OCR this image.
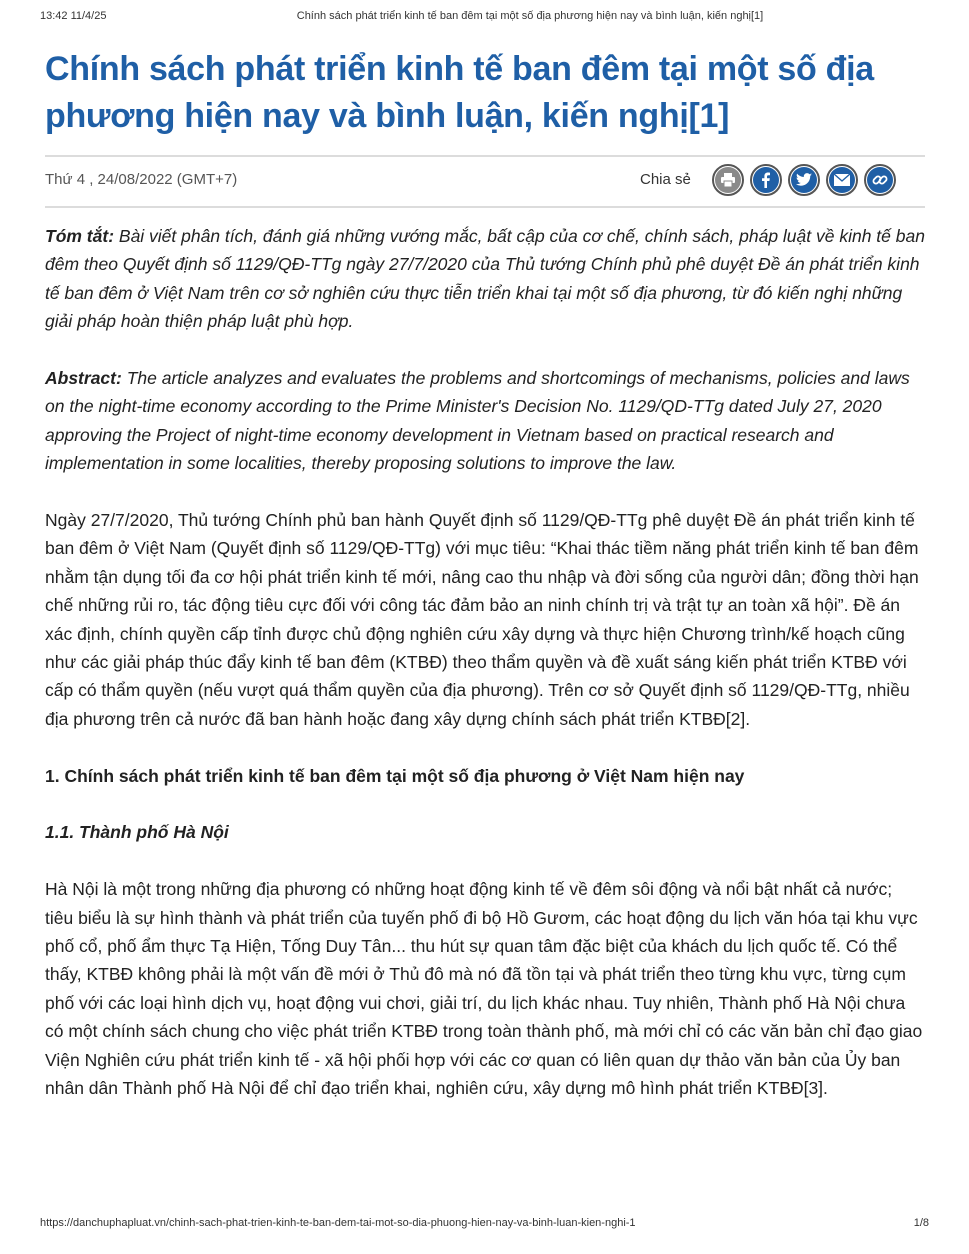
13:42 11/4/25	Chính sách phát triển kinh tế ban đêm tại một số địa phương hiện nay và bình luận, kiến nghị[1]
Chính sách phát triển kinh tế ban đêm tại một số địa phương hiện nay và bình luận, kiến nghị[1]
Thứ 4 , 24/08/2022 (GMT+7)	Chia sẻ

Tóm tắt: Bài viết phân tích, đánh giá những vướng mắc, bất cập của cơ chế, chính sách, pháp luật về kinh tế ban đêm theo Quyết định số 1129/QĐ-TTg ngày 27/7/2020 của Thủ tướng Chính phủ phê duyệt Đề án phát triển kinh tế ban đêm ở Việt Nam trên cơ sở nghiên cứu thực tiễn triển khai tại một số địa phương, từ đó kiến nghị những giải pháp hoàn thiện pháp luật phù hợp.

Abstract: The article analyzes and evaluates the problems and shortcomings of mechanisms, policies and laws on the night-time economy according to the Prime Minister's Decision No. 1129/QD-TTg dated July 27, 2020 approving the Project of night-time economy development in Vietnam based on practical research and implementation in some localities, thereby proposing solutions to improve the law.

Ngày 27/7/2020, Thủ tướng Chính phủ ban hành Quyết định số 1129/QĐ-TTg phê duyệt Đề án phát triển kinh tế ban đêm ở Việt Nam (Quyết định số 1129/QĐ-TTg) với mục tiêu: “Khai thác tiềm năng phát triển kinh tế ban đêm nhằm tận dụng tối đa cơ hội phát triển kinh tế mới, nâng cao thu nhập và đời sống của người dân; đồng thời hạn chế những rủi ro, tác động tiêu cực đối với công tác đảm bảo an ninh chính trị và trật tự an toàn xã hội”. Đề án xác định, chính quyền cấp tỉnh được chủ động nghiên cứu xây dựng và thực hiện Chương trình/kế hoạch cũng như các giải pháp thúc đẩy kinh tế ban đêm (KTBĐ) theo thẩm quyền và đề xuất sáng kiến phát triển KTBĐ với cấp có thẩm quyền (nếu vượt quá thẩm quyền của địa phương). Trên cơ sở Quyết định số 1129/QĐ-TTg, nhiều địa phương trên cả nước đã ban hành hoặc đang xây dựng chính sách phát triển KTBĐ[2].

1. Chính sách phát triển kinh tế ban đêm tại một số địa phương ở Việt Nam hiện nay

1.1. Thành phố Hà Nội

Hà Nội là một trong những địa phương có những hoạt động kinh tế về đêm sôi động và nổi bật nhất cả nước; tiêu biểu là sự hình thành và phát triển của tuyến phố đi bộ Hồ Gươm, các hoạt động du lịch văn hóa tại khu vực phố cổ, phố ẩm thực Tạ Hiện, Tống Duy Tân... thu hút sự quan tâm đặc biệt của khách du lịch quốc tế. Có thể thấy, KTBĐ không phải là một vấn đề mới ở Thủ đô mà nó đã tồn tại và phát triển theo từng khu vực, từng cụm phố với các loại hình dịch vụ, hoạt động vui chơi, giải trí, du lịch khác nhau. Tuy nhiên, Thành phố Hà Nội chưa có một chính sách chung cho việc phát triển KTBĐ trong toàn thành phố, mà mới chỉ có các văn bản chỉ đạo giao Viện Nghiên cứu phát triển kinh tế - xã hội phối hợp với các cơ quan có liên quan dự thảo văn bản của Ủy ban nhân dân Thành phố Hà Nội để chỉ đạo triển khai, nghiên cứu, xây dựng mô hình phát triển KTBĐ[3].

https://danchuphapluat.vn/chinh-sach-phat-trien-kinh-te-ban-dem-tai-mot-so-dia-phuong-hien-nay-va-binh-luan-kien-nghi-1	1/8
